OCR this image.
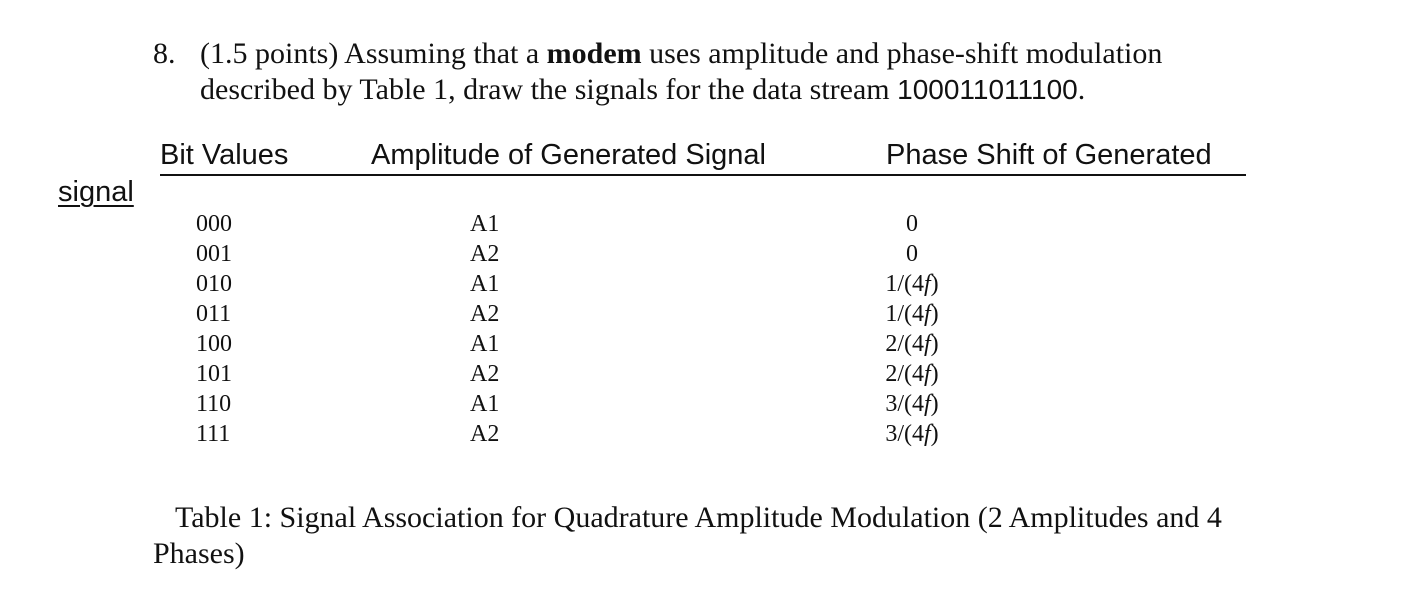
8. (1.5 points) Assuming that a modem uses amplitude and phase-shift modulation
described by Table 1, draw the signals for the data stream 100011011100.
Bit Values	Amplitude of Generated Signal	Phase Shift of Generated
signal
000	A1	0
001	A2	0
010	A1	1/(4f)
011	A2	1/(4f)
100	A1	2/(4f)
101	A2	2/(4f)
110	A1	3/(4f)
111	A2	3/(4f)
Table 1: Signal Association for Quadrature Amplitude Modulation (2 Amplitudes and 4
Phases)
